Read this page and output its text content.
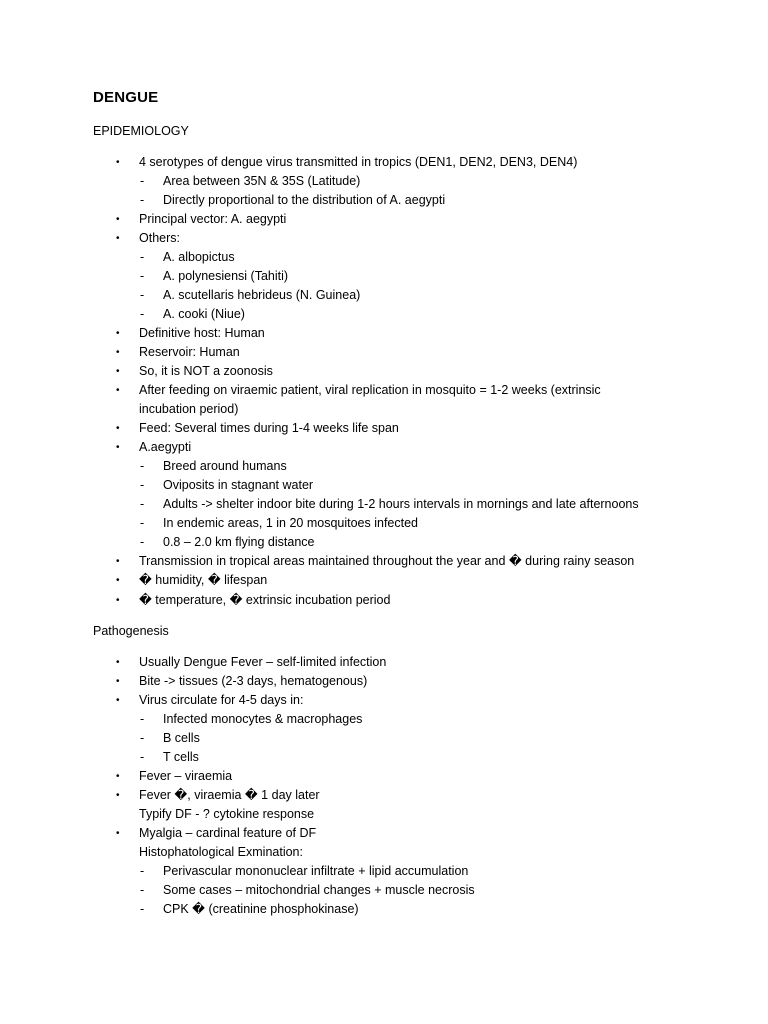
DENGUE
EPIDEMIOLOGY
• 4 serotypes of dengue virus transmitted in tropics (DEN1, DEN2, DEN3, DEN4)
- Area between 35N & 35S (Latitude)
- Directly proportional to the distribution of A. aegypti
• Principal vector: A. aegypti
• Others:
- A. albopictus
- A. polynesiensi (Tahiti)
- A. scutellaris hebrideus (N. Guinea)
- A. cooki (Niue)
• Definitive host: Human
• Reservoir: Human
• So, it is NOT a zoonosis
• After feeding on viraemic patient, viral replication in mosquito = 1-2 weeks (extrinsic
incubation period)
• Feed: Several times during 1-4 weeks life span
• A.aegypti
- Breed around humans
- Oviposits in stagnant water
- Adults -> shelter indoor bite during 1-2 hours intervals in mornings and late afternoons
- In endemic areas, 1 in 20 mosquitoes infected
- 0.8 – 2.0 km flying distance
• Transmission in tropical areas maintained throughout the year and � during rainy season
• � humidity, � lifespan
• � temperature, � extrinsic incubation period
Pathogenesis
• Usually Dengue Fever – self-limited infection
• Bite -> tissues (2-3 days, hematogenous)
• Virus circulate for 4-5 days in:
- Infected monocytes & macrophages
- B cells
- T cells
• Fever – viraemia
• Fever �, viraemia � 1 day later
Typify DF - ? cytokine response
• Myalgia – cardinal feature of DF
Histophatological Exmination:
- Perivascular mononuclear infiltrate + lipid accumulation
- Some cases – mitochondrial changes + muscle necrosis
- CPK � (creatinine phosphokinase)
